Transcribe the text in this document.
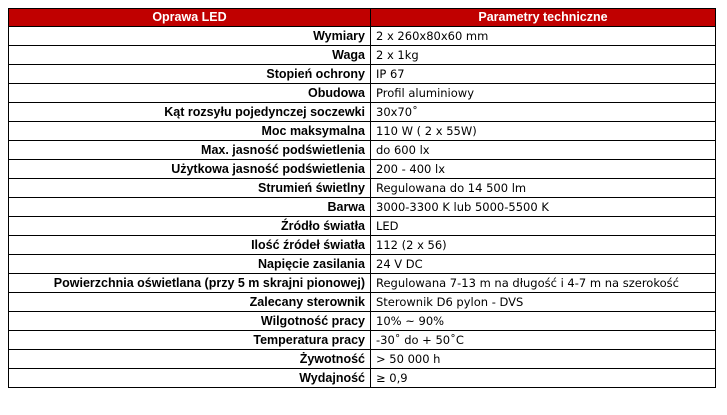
Oprawa LED	Parametry techniczne
Wymiary	2 x 260x80x60 mm
Waga	2 x 1kg
Stopień ochrony	IP 67
Obudowa	Profil aluminiowy
Kąt rozsyłu pojedynczej soczewki	30x70˚
Moc maksymalna	110 W ( 2 x 55W)
Max. jasność podświetlenia	do 600 lx
Użytkowa jasność podświetlenia	200 - 400 lx
Strumień świetlny	Regulowana do 14 500 lm
Barwa	3000-3300 K lub 5000-5500 K
Źródło światła	LED
Ilość źródeł światła	112 (2 x 56)
Napięcie zasilania	24 V DC
Powierzchnia oświetlana (przy 5 m skrajni pionowej)	Regulowana 7-13 m na długość i 4-7 m na szerokość
Zalecany sterownik	Sterownik D6 pylon - DVS
Wilgotność pracy	10% ~ 90%
Temperatura pracy	-30˚ do + 50˚C
Żywotność	> 50 000 h
Wydajność	≥ 0,9
